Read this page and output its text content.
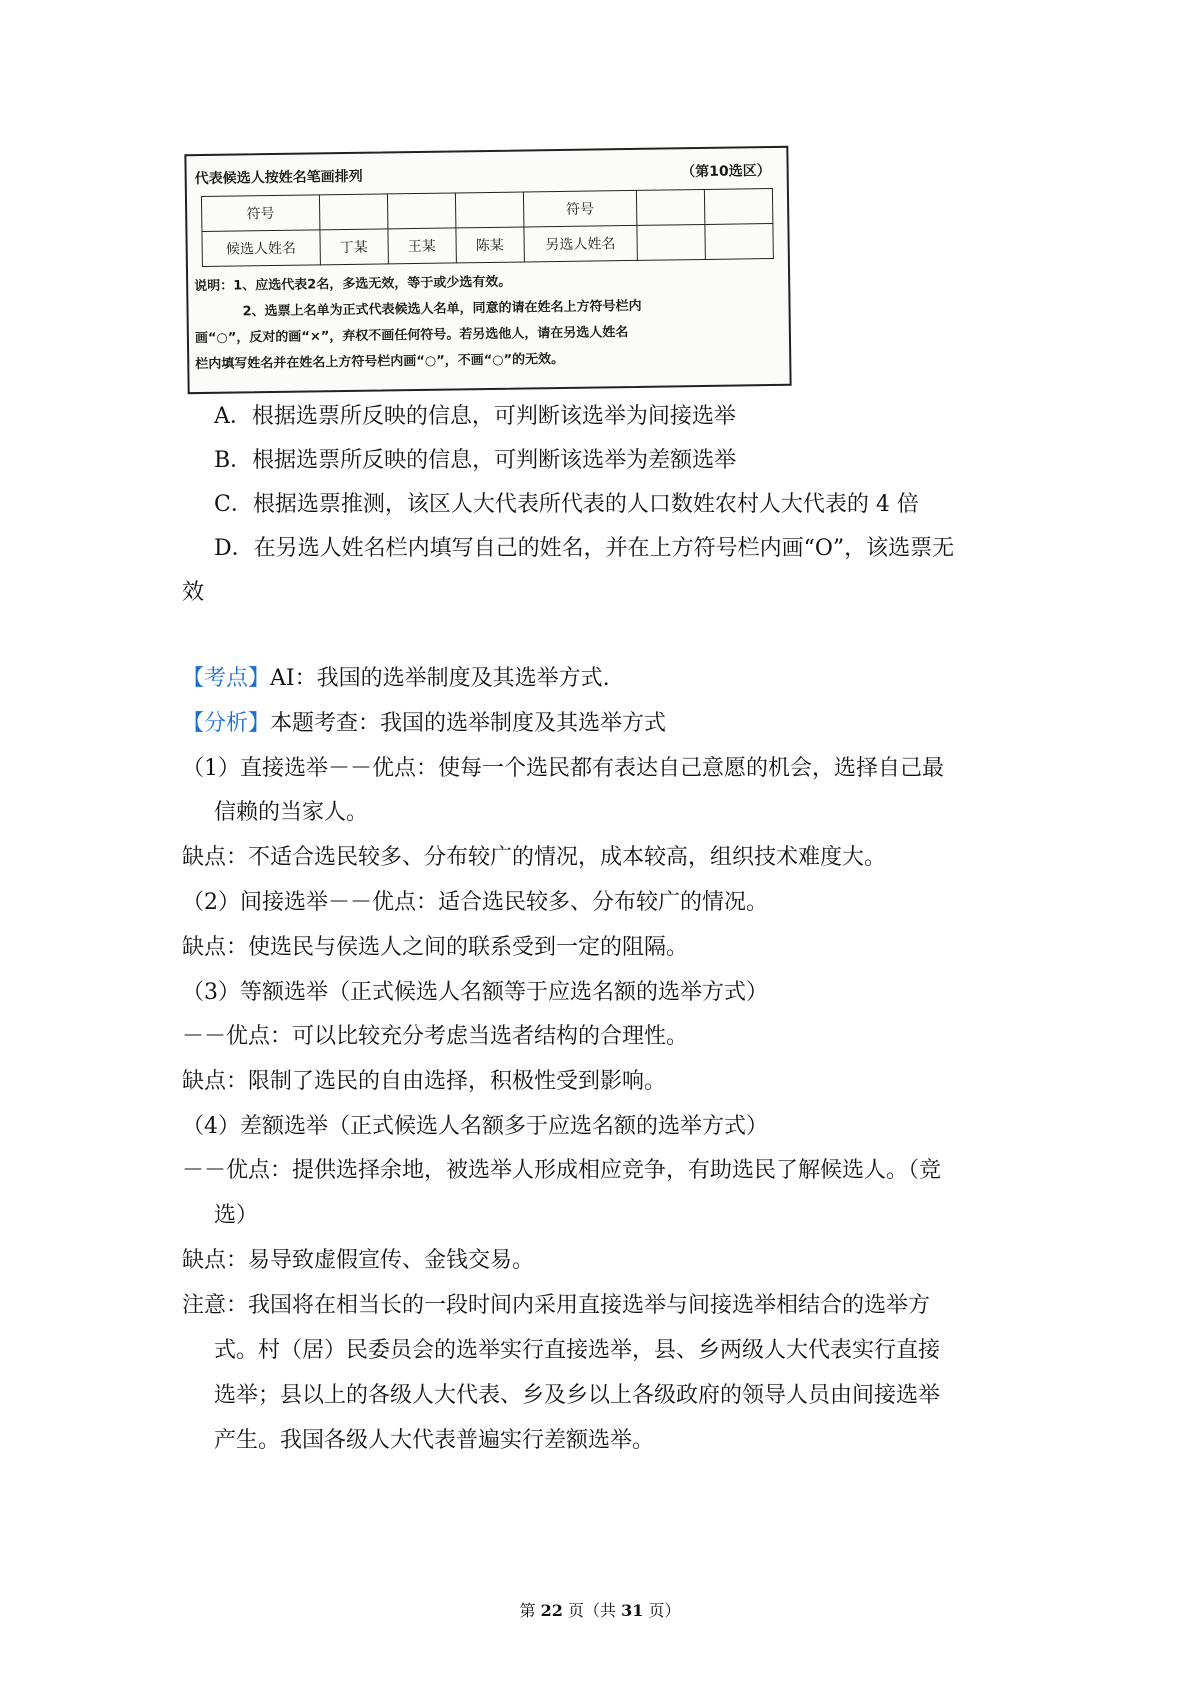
代表候选人按姓名笔画排列	（第10选区）
符号				符号		
候选人姓名	丁某	王某	陈某	另选人姓名		

说明：1、应选代表2名，多选无效，等于或少选有效。

2、选票上名单为正式代表候选人名单，同意的请在姓名上方符号栏内

画“○”，反对的画“×”，弃权不画任何符号。若另选他人，请在另选人姓名

栏内填写姓名并在姓名上方符号栏内画“○”，不画“○”的无效。

A．根据选票所反映的信息，可判断该选举为间接选举
B．根据选票所反映的信息，可判断该选举为差额选举
C．根据选票推测，该区人大代表所代表的人口数姓农村人大代表的 4 倍
D．在另选人姓名栏内填写自己的姓名，并在上方符号栏内画“O”，该选票无
效
【考点】AI：我国的选举制度及其选举方式.
【分析】本题考查：我国的选举制度及其选举方式
（1）直接选举－－优点：使每一个选民都有表达自己意愿的机会，选择自己最
信赖的当家人。
缺点：不适合选民较多、分布较广的情况，成本较高，组织技术难度大。
（2）间接选举－－优点：适合选民较多、分布较广的情况。
缺点：使选民与侯选人之间的联系受到一定的阻隔。
（3）等额选举（正式候选人名额等于应选名额的选举方式）
－－优点：可以比较充分考虑当选者结构的合理性。
缺点：限制了选民的自由选择，积极性受到影响。
（4）差额选举（正式候选人名额多于应选名额的选举方式）
－－优点：提供选择余地，被选举人形成相应竞争，有助选民了解候选人。（竞
选）
缺点：易导致虚假宣传、金钱交易。
注意：我国将在相当长的一段时间内采用直接选举与间接选举相结合的选举方
式。村（居）民委员会的选举实行直接选举，县、乡两级人大代表实行直接
选举；县以上的各级人大代表、乡及乡以上各级政府的领导人员由间接选举
产生。我国各级人大代表普遍实行差额选举。
第 22 页（共 31 页）
